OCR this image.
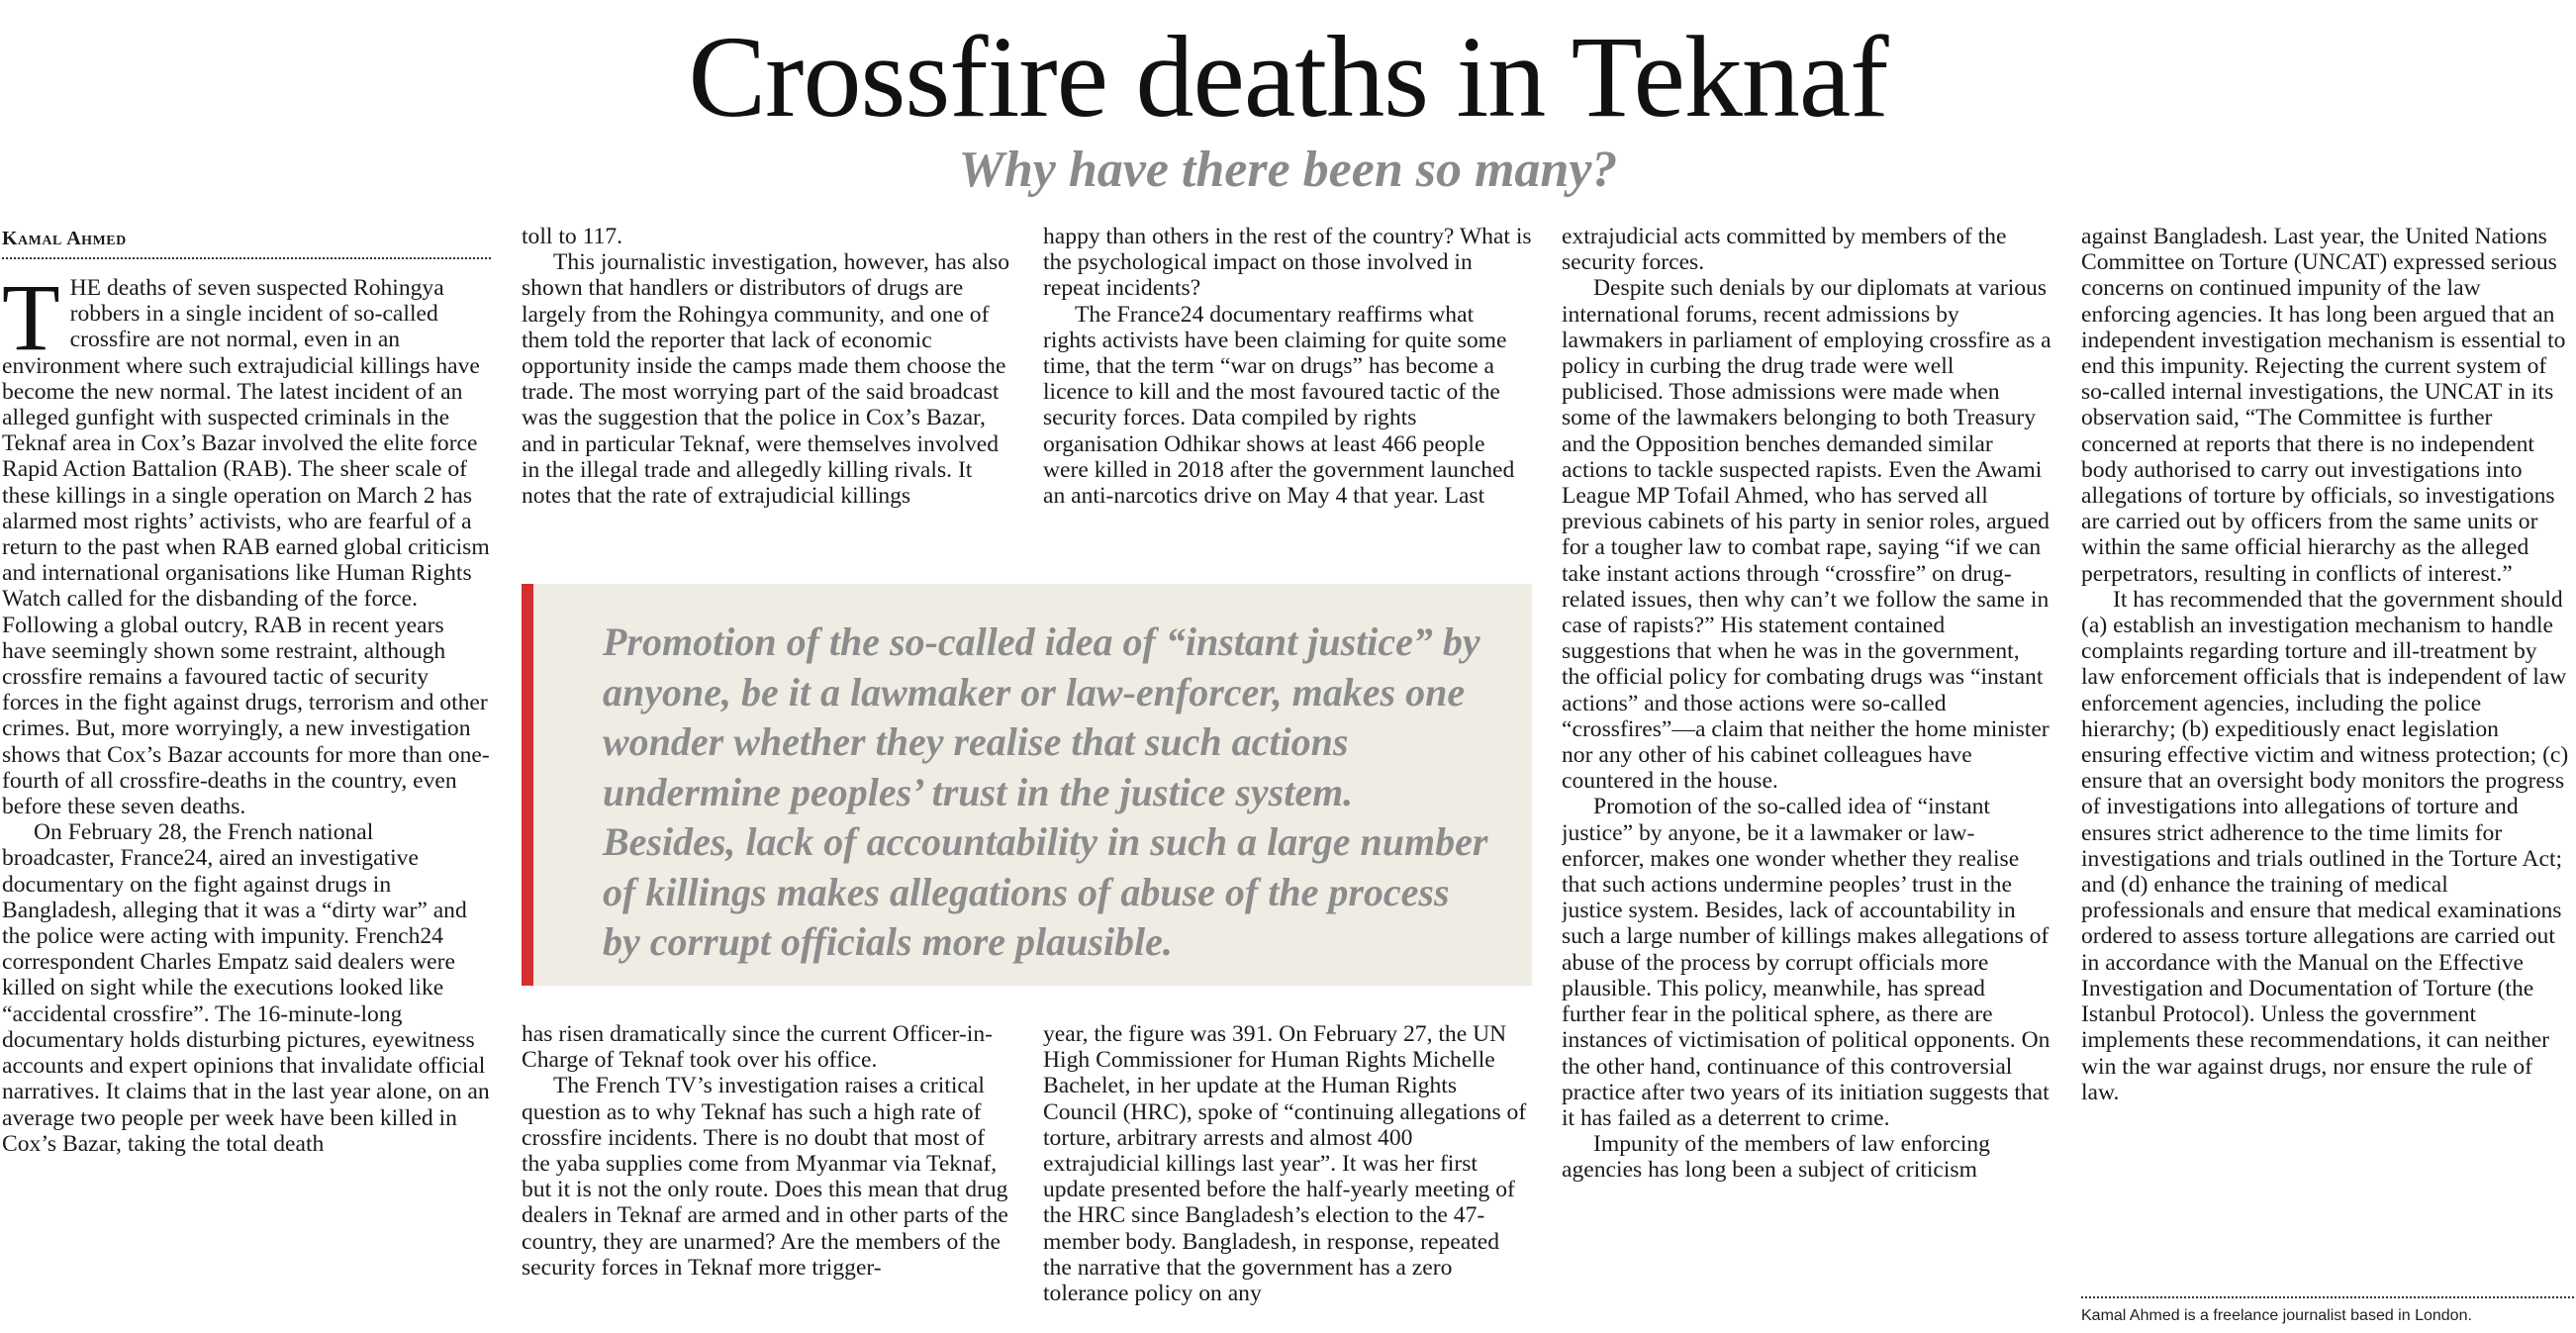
Crossfire deaths in Teknaf
Why have there been so many?
Kamal Ahmed

THE deaths of seven suspected Rohingya robbers in a single incident of so-called crossfire are not normal, even in an environment where such extrajudicial killings have become the new normal. The latest incident of an alleged gunfight with suspected criminals in the Teknaf area in Cox’s Bazar involved the elite force Rapid Action Battalion (RAB). The sheer scale of these killings in a single operation on March 2 has alarmed most rights’ activists, who are fearful of a return to the past when RAB earned global criticism and international organisations like Human Rights Watch called for the disbanding of the force. Following a global outcry, RAB in recent years have seemingly shown some restraint, although crossfire remains a favoured tactic of security forces in the fight against drugs, terrorism and other crimes. But, more worryingly, a new investigation shows that Cox’s Bazar accounts for more than one-fourth of all crossfire-deaths in the country, even before these seven deaths.

On February 28, the French national broadcaster, France24, aired an investigative documentary on the fight against drugs in Bangladesh, alleging that it was a “dirty war” and the police were acting with impunity. French24 correspondent Charles Empatz said dealers were killed on sight while the executions looked like “accidental crossfire”. The 16-minute-long documentary holds disturbing pictures, eyewitness accounts and expert opinions that invalidate official narratives. It claims that in the last year alone, on an average two people per week have been killed in Cox’s Bazar, taking the total death

toll to 117.

This journalistic investigation, however, has also shown that handlers or distributors of drugs are largely from the Rohingya community, and one of them told the reporter that lack of economic opportunity inside the camps made them choose the trade. The most worrying part of the said broadcast was the suggestion that the police in Cox’s Bazar, and in particular Teknaf, were themselves involved in the illegal trade and allegedly killing rivals. It notes that the rate of extrajudicial killings

happy than others in the rest of the country? What is the psychological impact on those involved in repeat incidents?

The France24 documentary reaffirms what rights activists have been claiming for quite some time, that the term “war on drugs” has become a licence to kill and the most favoured tactic of the security forces. Data compiled by rights organisation Odhikar shows at least 466 people were killed in 2018 after the government launched an anti-narcotics drive on May 4 that year. Last

Promotion of the so-called idea of “instant justice” by anyone, be it a lawmaker or law-enforcer, makes one wonder whether they realise that such actions undermine peoples’ trust in the justice system. Besides, lack of accountability in such a large number of killings makes allegations of abuse of the process by corrupt officials more plausible.

has risen dramatically since the current Officer-in-Charge of Teknaf took over his office.

The French TV’s investigation raises a critical question as to why Teknaf has such a high rate of crossfire incidents. There is no doubt that most of the yaba supplies come from Myanmar via Teknaf, but it is not the only route. Does this mean that drug dealers in Teknaf are armed and in other parts of the country, they are unarmed? Are the members of the security forces in Teknaf more trigger-

year, the figure was 391. On February 27, the UN High Commissioner for Human Rights Michelle Bachelet, in her update at the Human Rights Council (HRC), spoke of “continuing allegations of torture, arbitrary arrests and almost 400 extrajudicial killings last year”. It was her first update presented before the half-yearly meeting of the HRC since Bangladesh’s election to the 47-member body. Bangladesh, in response, repeated the narrative that the government has a zero tolerance policy on any

extrajudicial acts committed by members of the security forces.

Despite such denials by our diplomats at various international forums, recent admissions by lawmakers in parliament of employing crossfire as a policy in curbing the drug trade were well publicised. Those admissions were made when some of the lawmakers belonging to both Treasury and the Opposition benches demanded similar actions to tackle suspected rapists. Even the Awami League MP Tofail Ahmed, who has served all previous cabinets of his party in senior roles, argued for a tougher law to combat rape, saying “if we can take instant actions through “crossfire” on drug-related issues, then why can’t we follow the same in case of rapists?” His statement contained suggestions that when he was in the government, the official policy for combating drugs was “instant actions” and those actions were so-called “crossfires”—a claim that neither the home minister nor any other of his cabinet colleagues have countered in the house.

Promotion of the so-called idea of “instant justice” by anyone, be it a lawmaker or law-enforcer, makes one wonder whether they realise that such actions undermine peoples’ trust in the justice system. Besides, lack of accountability in such a large number of killings makes allegations of abuse of the process by corrupt officials more plausible. This policy, meanwhile, has spread further fear in the political sphere, as there are instances of victimisation of political opponents. On the other hand, continuance of this controversial practice after two years of its initiation suggests that it has failed as a deterrent to crime.

Impunity of the members of law enforcing agencies has long been a subject of criticism

against Bangladesh. Last year, the United Nations Committee on Torture (UNCAT) expressed serious concerns on continued impunity of the law enforcing agencies. It has long been argued that an independent investigation mechanism is essential to end this impunity. Rejecting the current system of so-called internal investigations, the UNCAT in its observation said, “The Committee is further concerned at reports that there is no independent body authorised to carry out investigations into allegations of torture by officials, so investigations are carried out by officers from the same units or within the same official hierarchy as the alleged perpetrators, resulting in conflicts of interest.”

It has recommended that the government should (a) establish an investigation mechanism to handle complaints regarding torture and ill-treatment by law enforcement officials that is independent of law enforcement agencies, including the police hierarchy; (b) expeditiously enact legislation ensuring effective victim and witness protection; (c) ensure that an oversight body monitors the progress of investigations into allegations of torture and ensures strict adherence to the time limits for investigations and trials outlined in the Torture Act; and (d) enhance the training of medical professionals and ensure that medical examinations ordered to assess torture allegations are carried out in accordance with the Manual on the Effective Investigation and Documentation of Torture (the Istanbul Protocol). Unless the government implements these recommendations, it can neither win the war against drugs, nor ensure the rule of law.

Kamal Ahmed is a freelance journalist based in London.
